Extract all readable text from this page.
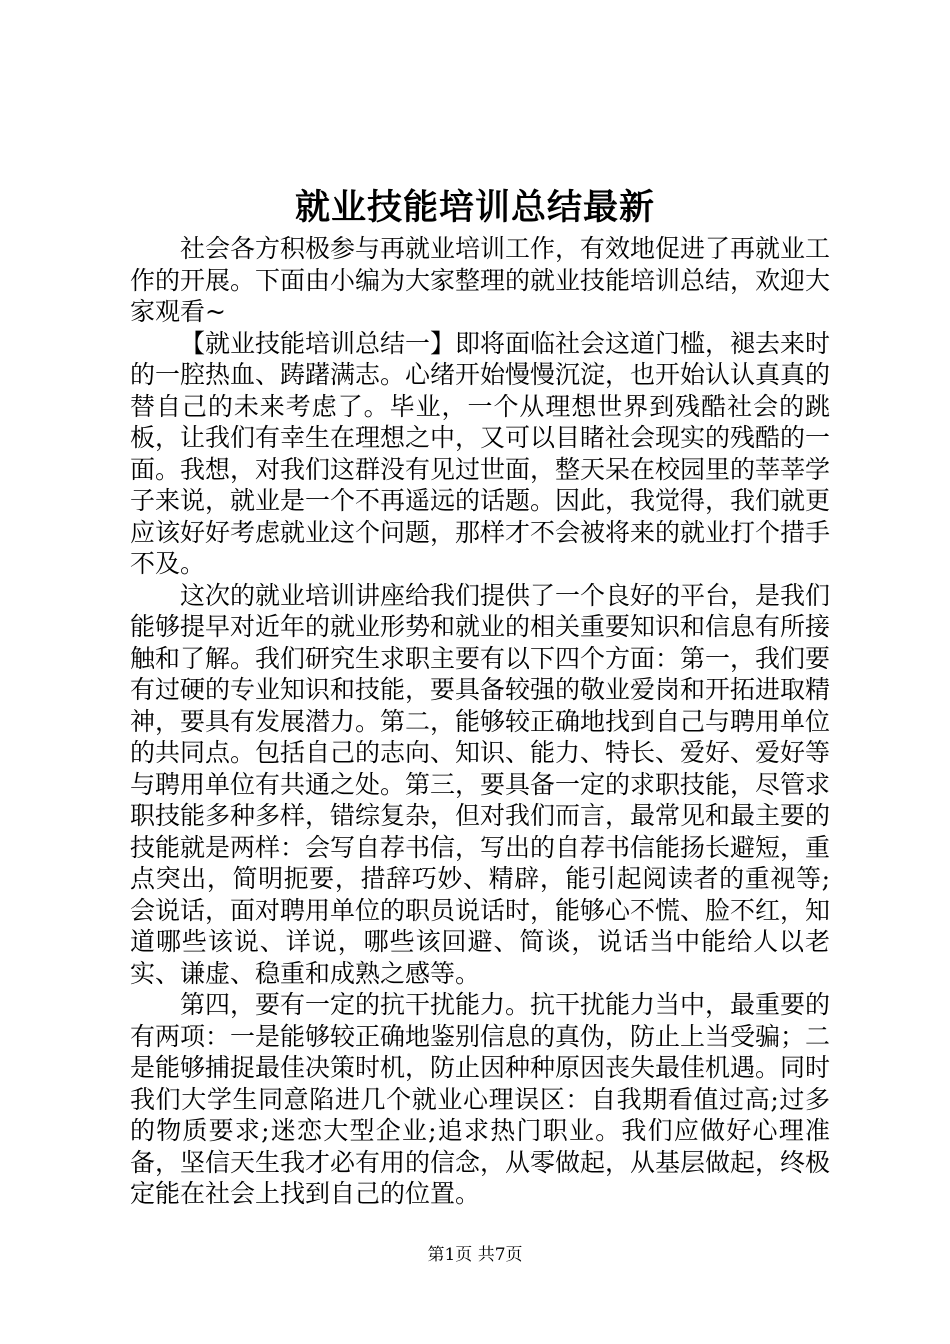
就业技能培训总结最新

社会各方积极参与再就业培训工作，有效地促进了再就业工作的开展。下面由小编为大家整理的就业技能培训总结，欢迎大家观看~

【就业技能培训总结一】即将面临社会这道门槛，褪去来时的一腔热血、踌躇满志。心绪开始慢慢沉淀，也开始认认真真的替自己的未来考虑了。毕业，一个从理想世界到残酷社会的跳板，让我们有幸生在理想之中，又可以目睹社会现实的残酷的一面。我想，对我们这群没有见过世面，整天呆在校园里的莘莘学子来说，就业是一个不再遥远的话题。因此，我觉得，我们就更应该好好考虑就业这个问题，那样才不会被将来的就业打个措手不及。

这次的就业培训讲座给我们提供了一个良好的平台，是我们能够提早对近年的就业形势和就业的相关重要知识和信息有所接触和了解。我们研究生求职主要有以下四个方面：第一，我们要有过硬的专业知识和技能，要具备较强的敬业爱岗和开拓进取精神，要具有发展潜力。第二，能够较正确地找到自己与聘用单位的共同点。包括自己的志向、知识、能力、特长、爱好、爱好等与聘用单位有共通之处。第三，要具备一定的求职技能，尽管求职技能多种多样，错综复杂，但对我们而言，最常见和最主要的技能就是两样：会写自荐书信，写出的自荐书信能扬长避短，重点突出，简明扼要，措辞巧妙、精辟，能引起阅读者的重视等;会说话，面对聘用单位的职员说话时，能够心不慌、脸不红，知道哪些该说、详说，哪些该回避、简谈，说话当中能给人以老实、谦虚、稳重和成熟之感等。

第四，要有一定的抗干扰能力。抗干扰能力当中，最重要的有两项：一是能够较正确地鉴别信息的真伪，防止上当受骗；二是能够捕捉最佳决策时机，防止因种种原因丧失最佳机遇。同时我们大学生同意陷进几个就业心理误区：自我期看值过高;过多的物质要求;迷恋大型企业;追求热门职业。我们应做好心理准备，坚信天生我才必有用的信念，从零做起，从基层做起，终极定能在社会上找到自己的位置。

第1页 共7页
